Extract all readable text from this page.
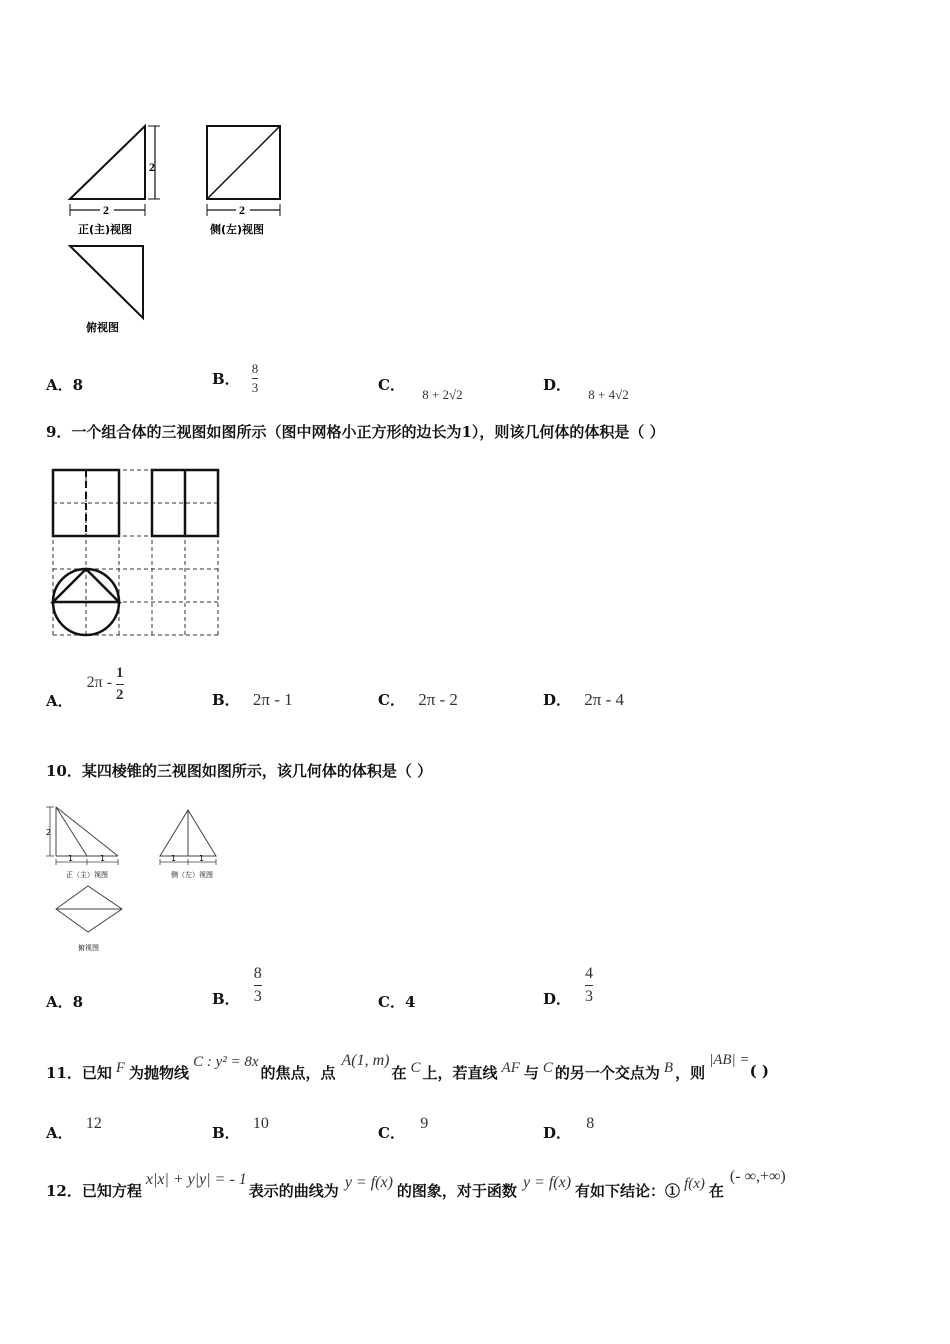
2
2
正(主)视图
2
侧(左)视图
俯视图
A．8	B． $\frac{8}{3}$	C． 8 + 2√2
D． 8 + 4√2
9．一个组合体的三视图如图所示（图中网格小正方形的边长为1），则该几何体的体积是（ ）
A．
$2\pi - \frac{1}{2}$	B． 2π - 1	C． 2π - 2	D． 2π - 4
10．某四棱锥的三视图如图所示，该几何体的体积是（ ）
2
1	1
正（主）视图
1	1
侧（左）视图
俯视图
A．8	B． $\frac{8}{3}$	C．4	D． $\frac{4}{3}$
11．已知 F 为抛物线
C : y² = 8x
的焦点，点
A(1, m)
在 C 上，若直线 AF 与 C 的另一个交点为 B ，则
|AB| =
( )
A． 12
B． 10
C． 9
D． 8
12．已知方程
x|x| + y|y| = - 1
表示的曲线为 y = f(x) 的图象，对于函数 y = f(x) 有如下结论：① f(x) 在
(- ∞,+∞)
